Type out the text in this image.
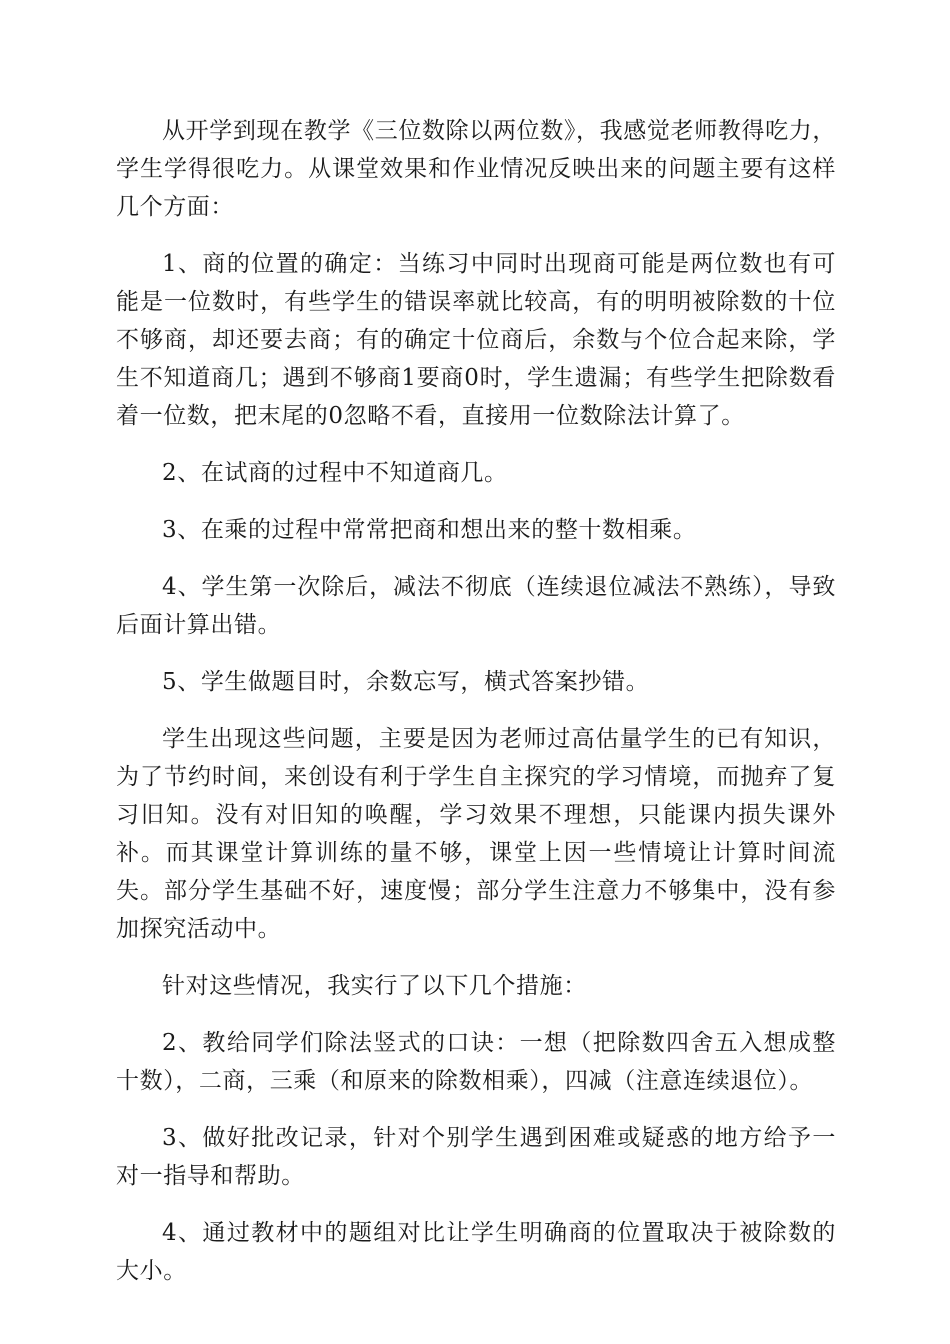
从开学到现在教学《三位数除以两位数》，我感觉老师教得吃力，学生学得很吃力。从课堂效果和作业情况反映出来的问题主要有这样几个方面：

1、商的位置的确定：当练习中同时出现商可能是两位数也有可能是一位数时，有些学生的错误率就比较高，有的明明被除数的十位不够商，却还要去商；有的确定十位商后，余数与个位合起来除，学生不知道商几；遇到不够商1要商0时，学生遗漏；有些学生把除数看着一位数，把末尾的0忽略不看，直接用一位数除法计算了。

2、在试商的过程中不知道商几。

3、在乘的过程中常常把商和想出来的整十数相乘。

4、学生第一次除后，减法不彻底（连续退位减法不熟练），导致后面计算出错。

5、学生做题目时，余数忘写，横式答案抄错。

学生出现这些问题，主要是因为老师过高估量学生的已有知识，为了节约时间，来创设有利于学生自主探究的学习情境，而抛弃了复习旧知。没有对旧知的唤醒，学习效果不理想，只能课内损失课外补。而其课堂计算训练的量不够，课堂上因一些情境让计算时间流失。部分学生基础不好，速度慢；部分学生注意力不够集中，没有参加探究活动中。

针对这些情况，我实行了以下几个措施：

2、教给同学们除法竖式的口诀：一想（把除数四舍五入想成整十数），二商，三乘（和原来的除数相乘），四减（注意连续退位）。

3、做好批改记录，针对个别学生遇到困难或疑惑的地方给予一对一指导和帮助。

4、通过教材中的题组对比让学生明确商的位置取决于被除数的大小。
